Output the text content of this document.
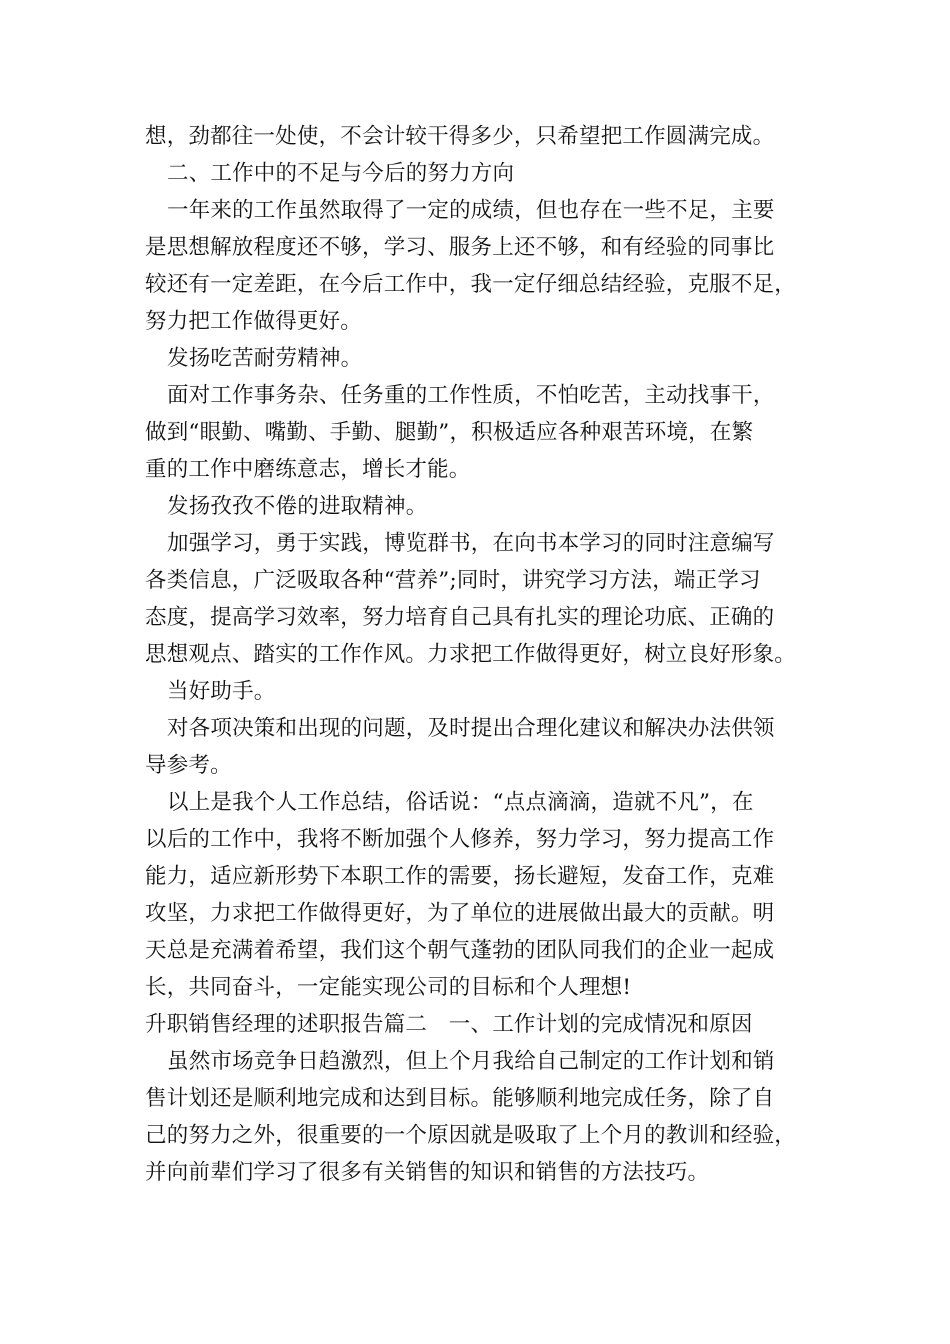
想，劲都往一处使，不会计较干得多少，只希望把工作圆满完成。
二、工作中的不足与今后的努力方向
一年来的工作虽然取得了一定的成绩，但也存在一些不足，主要
是思想解放程度还不够，学习、服务上还不够，和有经验的同事比
较还有一定差距，在今后工作中，我一定仔细总结经验，克服不足，
努力把工作做得更好。
发扬吃苦耐劳精神。
面对工作事务杂、任务重的工作性质，不怕吃苦，主动找事干，
做到“眼勤、嘴勤、手勤、腿勤”，积极适应各种艰苦环境，在繁
重的工作中磨练意志，增长才能。
发扬孜孜不倦的进取精神。
加强学习，勇于实践，博览群书，在向书本学习的同时注意编写
各类信息，广泛吸取各种“营养”;同时，讲究学习方法，端正学习
态度，提高学习效率，努力培育自己具有扎实的理论功底、正确的
思想观点、踏实的工作作风。力求把工作做得更好，树立良好形象。
当好助手。
对各项决策和出现的问题，及时提出合理化建议和解决办法供领
导参考。
以上是我个人工作总结，俗话说：“点点滴滴，造就不凡”，在
以后的工作中，我将不断加强个人修养，努力学习，努力提高工作
能力，适应新形势下本职工作的需要，扬长避短，发奋工作，克难
攻坚，力求把工作做得更好，为了单位的进展做出最大的贡献。明
天总是充满着希望，我们这个朝气蓬勃的团队同我们的企业一起成
长，共同奋斗，一定能实现公司的目标和个人理想!
升职销售经理的述职报告篇二　一、工作计划的完成情况和原因
虽然市场竞争日趋激烈，但上个月我给自己制定的工作计划和销
售计划还是顺利地完成和达到目标。能够顺利地完成任务，除了自
己的努力之外，很重要的一个原因就是吸取了上个月的教训和经验，
并向前辈们学习了很多有关销售的知识和销售的方法技巧。
